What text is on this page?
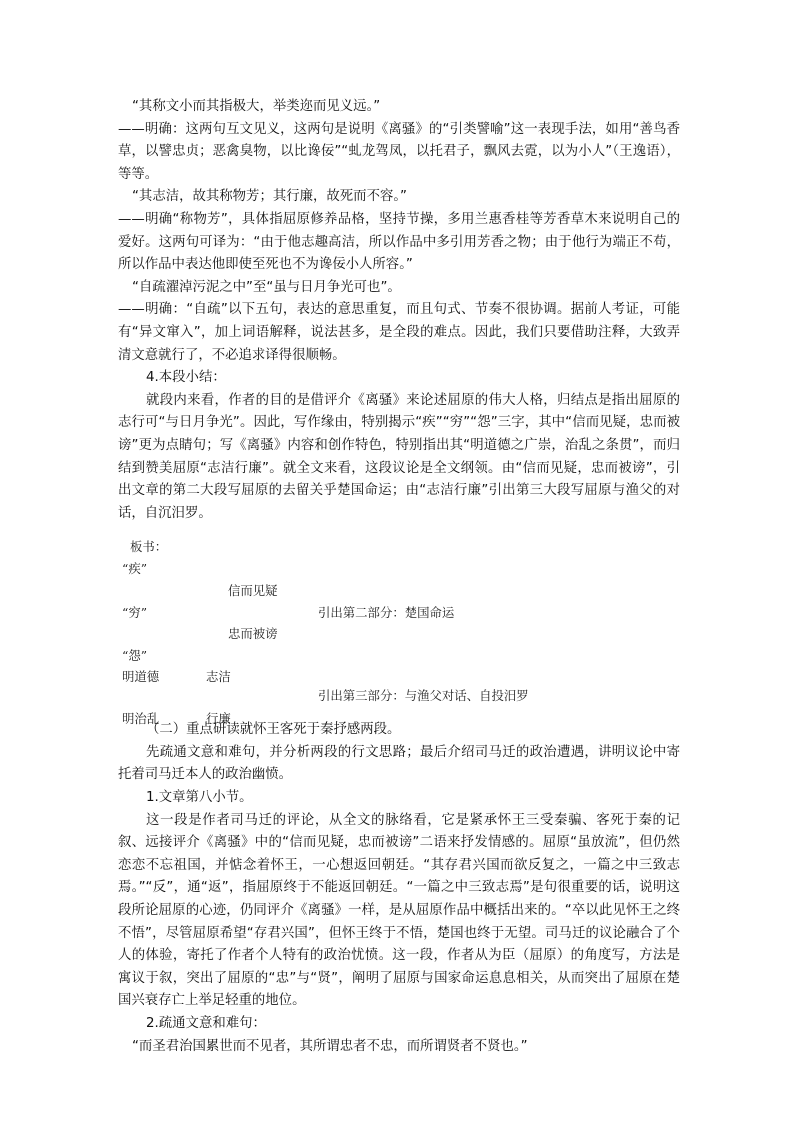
“其称文小而其指极大，举类迩而见义远。”

——明确：这两句互文见义，这两句是说明《离骚》的“引类譬喻”这一表现手法，如用“善鸟香草，以譬忠贞；恶禽臭物，以比谗佞”“虬龙驾凤，以托君子，飘风去霓，以为小人”（王逸语），等等。

“其志洁，故其称物芳；其行廉，故死而不容。”

——明确“称物芳”，具体指屈原修养品格，坚持节操，多用兰惠香桂等芳香草木来说明自己的爱好。这两句可译为：“由于他志趣高洁，所以作品中多引用芳香之物；由于他行为端正不苟，所以作品中表达他即使至死也不为谗佞小人所容。”

“自疏濯淖污泥之中”至“虽与日月争光可也”。

——明确：“自疏”以下五句，表达的意思重复，而且句式、节奏不很协调。据前人考证，可能有“异文窜入”，加上词语解释，说法甚多，是全段的难点。因此，我们只要借助注释，大致弄清文意就行了，不必追求译得很顺畅。

4.本段小结：

就段内来看，作者的目的是借评介《离骚》来论述屈原的伟大人格，归结点是指出屈原的志行可“与日月争光”。因此，写作缘由，特别揭示“疾”“穷”“怨”三字，其中“信而见疑，忠而被谤”更为点睛句；写《离骚》内容和创作特色，特别指出其“明道德之广崇，治乱之条贯”，而归结到赞美屈原“志洁行廉”。就全文来看，这段议论是全文纲领。由“信而见疑，忠而被谤”，引出文章的第二大段写屈原的去留关乎楚国命运；由“志洁行廉”引出第三大段写屈原与渔父的对话，自沉汨罗。

板书：
“疾”
信而见疑
“穷”	引出第二部分：楚国命运
忠而被谤
“怨”
明道德	志洁
引出第三部分：与渔父对话、自投汨罗
明治乱	行廉

（二）重点研读就怀王客死于秦抒感两段。

先疏通文意和难句，并分析两段的行文思路；最后介绍司马迁的政治遭遇，讲明议论中寄托着司马迁本人的政治幽愤。

1.文章第八小节。

这一段是作者司马迁的评论，从全文的脉络看，它是紧承怀王三受秦骗、客死于秦的记叙、远接评介《离骚》中的“信而见疑，忠而被谤”二语来抒发情感的。屈原“虽放流”，但仍然恋恋不忘祖国，并惦念着怀王，一心想返回朝廷。“其存君兴国而欲反复之，一篇之中三致志焉。”“反”，通“返”，指屈原终于不能返回朝廷。“一篇之中三致志焉”是句很重要的话，说明这段所论屈原的心迹，仍同评介《离骚》一样，是从屈原作品中概括出来的。“卒以此见怀王之终不悟”，尽管屈原希望“存君兴国”，但怀王终于不悟，楚国也终于无望。司马迁的议论融合了个人的体验，寄托了作者个人特有的政治忧愤。这一段，作者从为臣（屈原）的角度写，方法是寓议于叙，突出了屈原的“忠”与“贤”，阐明了屈原与国家命运息息相关，从而突出了屈原在楚国兴衰存亡上举足轻重的地位。

2.疏通文意和难句：

“而圣君治国累世而不见者，其所谓忠者不忠，而所谓贤者不贤也。”
